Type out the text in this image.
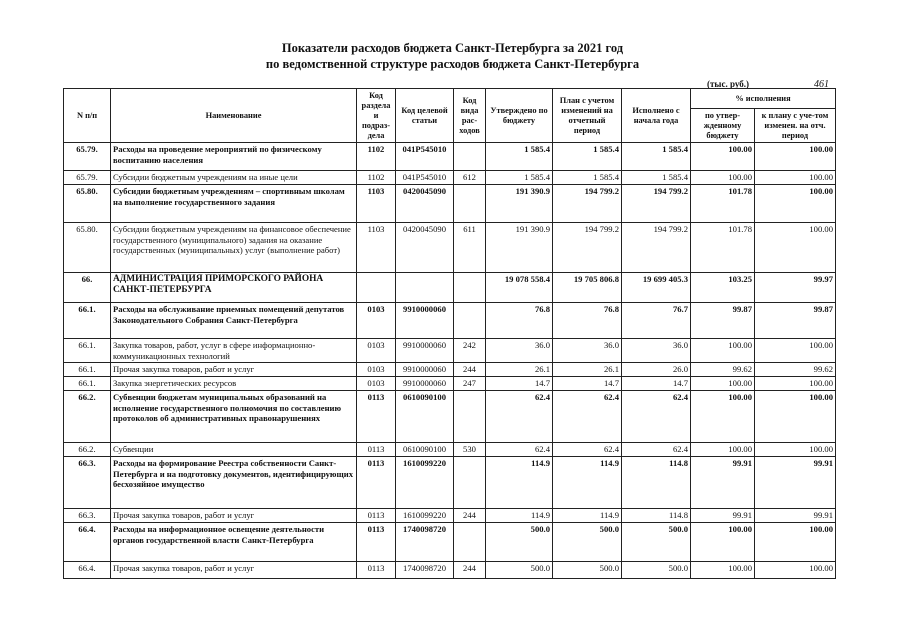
Показатели расходов бюджета Санкт-Петербурга за 2021 год
по ведомственной структуре расходов бюджета Санкт-Петербурга
(тыс. руб.)	461
N п/п	Наименование	Код раздела и подраз-дела	Код целевой статьи	Код вида рас-ходов	Утверждено по бюджету	План с учетом изменений на отчетный период	Исполнено с начала года	% исполнения	
								по утвер-жденному бюджету	к плану с уче-том изменен. на отч. период
65.79.	Расходы на проведение мероприятий по физическому воспитанию населения	1102	041P545010		1 585.4	1 585.4	1 585.4	100.00	100.00
65.79.	Субсидии бюджетным учреждениям на иные цели	1102	041P545010	612	1 585.4	1 585.4	1 585.4	100.00	100.00
65.80.	Субсидии бюджетным учреждениям – спортивным школам на выполнение государственного задания	1103	0420045090		191 390.9	194 799.2	194 799.2	101.78	100.00
65.80.	Субсидии бюджетным учреждениям на финансовое обеспечение государственного (муниципального) задания на оказание государственных (муниципальных) услуг (выполнение работ)	1103	0420045090	611	191 390.9	194 799.2	194 799.2	101.78	100.00
66.	АДМИНИСТРАЦИЯ ПРИМОРСКОГО РАЙОНА САНКТ-ПЕТЕРБУРГА				19 078 558.4	19 705 806.8	19 699 405.3	103.25	99.97
66.1.	Расходы на обслуживание приемных помещений депутатов Законодательного Собрания Санкт-Петербурга	0103	9910000060		76.8	76.8	76.7	99.87	99.87
66.1.	Закупка товаров, работ, услуг в сфере информационно-коммуникационных технологий	0103	9910000060	242	36.0	36.0	36.0	100.00	100.00
66.1.	Прочая закупка товаров, работ и услуг	0103	9910000060	244	26.1	26.1	26.0	99.62	99.62
66.1.	Закупка энергетических ресурсов	0103	9910000060	247	14.7	14.7	14.7	100.00	100.00
66.2.	Субвенции бюджетам муниципальных образований на исполнение государственного полномочия по составлению протоколов об административных правонарушениях	0113	0610090100		62.4	62.4	62.4	100.00	100.00
66.2.	Субвенции	0113	0610090100	530	62.4	62.4	62.4	100.00	100.00
66.3.	Расходы на формирование Реестра собственности Санкт-Петербурга и на подготовку документов, идентифицирующих бесхозяйное имущество	0113	1610099220		114.9	114.9	114.8	99.91	99.91
66.3.	Прочая закупка товаров, работ и услуг	0113	1610099220	244	114.9	114.9	114.8	99.91	99.91
66.4.	Расходы на информационное освещение деятельности органов государственной власти Санкт-Петербурга	0113	1740098720		500.0	500.0	500.0	100.00	100.00
66.4.	Прочая закупка товаров, работ и услуг	0113	1740098720	244	500.0	500.0	500.0	100.00	100.00
